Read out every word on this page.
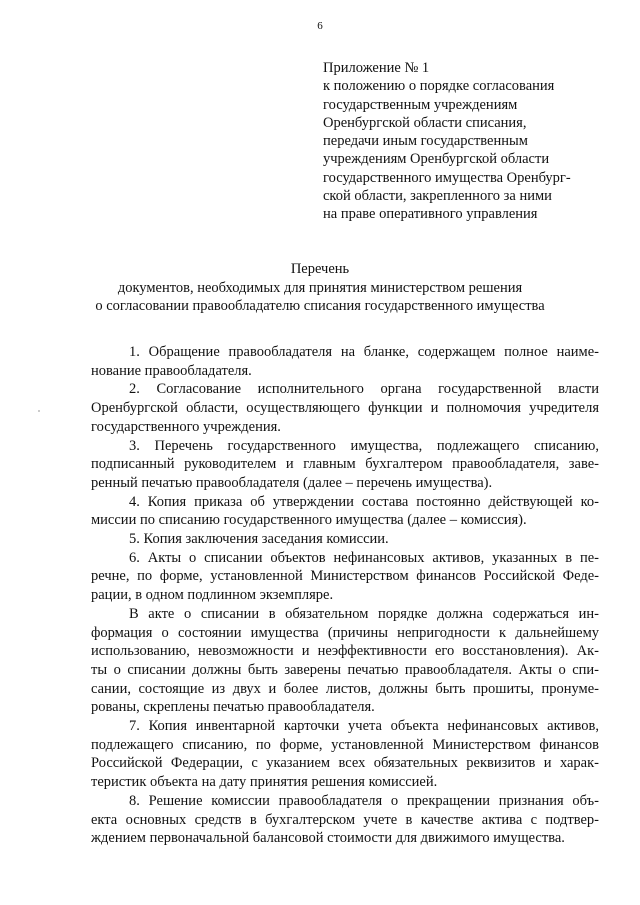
6
Приложение № 1
к положению о порядке согласования
государственным учреждениям
Оренбургской области списания,
передачи иным государственным
учреждениям Оренбургской области
государственного имущества Оренбург-
ской области, закрепленного за ними
на праве оперативного управления
Перечень
документов, необходимых для принятия министерством решения
о согласовании правообладателю списания государственного имущества

1. Обращение правообладателя на бланке, содержащем полное наиме-
нование правообладателя.

2. Согласование исполнительного органа государственной власти
Оренбургской области, осуществляющего функции и полномочия учредителя
государственного учреждения.

3. Перечень государственного имущества, подлежащего списанию,
подписанный руководителем и главным бухгалтером правообладателя, заве-
ренный печатью правообладателя (далее – перечень имущества).

4. Копия приказа об утверждении состава постоянно действующей ко-
миссии по списанию государственного имущества (далее – комиссия).

5. Копия заключения заседания комиссии.

6. Акты о списании объектов нефинансовых активов, указанных в пе-
речне, по форме, установленной Министерством финансов Российской Феде-
рации, в одном подлинном экземпляре.

В акте о списании в обязательном порядке должна содержаться ин-
формация о состоянии имущества (причины непригодности к дальнейшему
использованию, невозможности и неэффективности его восстановления). Ак-
ты о списании должны быть заверены печатью правообладателя. Акты о спи-
сании, состоящие из двух и более листов, должны быть прошиты, пронуме-
рованы, скреплены печатью правообладателя.

7. Копия инвентарной карточки учета объекта нефинансовых активов,
подлежащего списанию, по форме, установленной Министерством финансов
Российской Федерации, с указанием всех обязательных реквизитов и харак-
теристик объекта на дату принятия решения комиссией.

8. Решение комиссии правообладателя о прекращении признания объ-
екта основных средств в бухгалтерском учете в качестве актива с подтвер-
ждением первоначальной балансовой стоимости для движимого имущества.
